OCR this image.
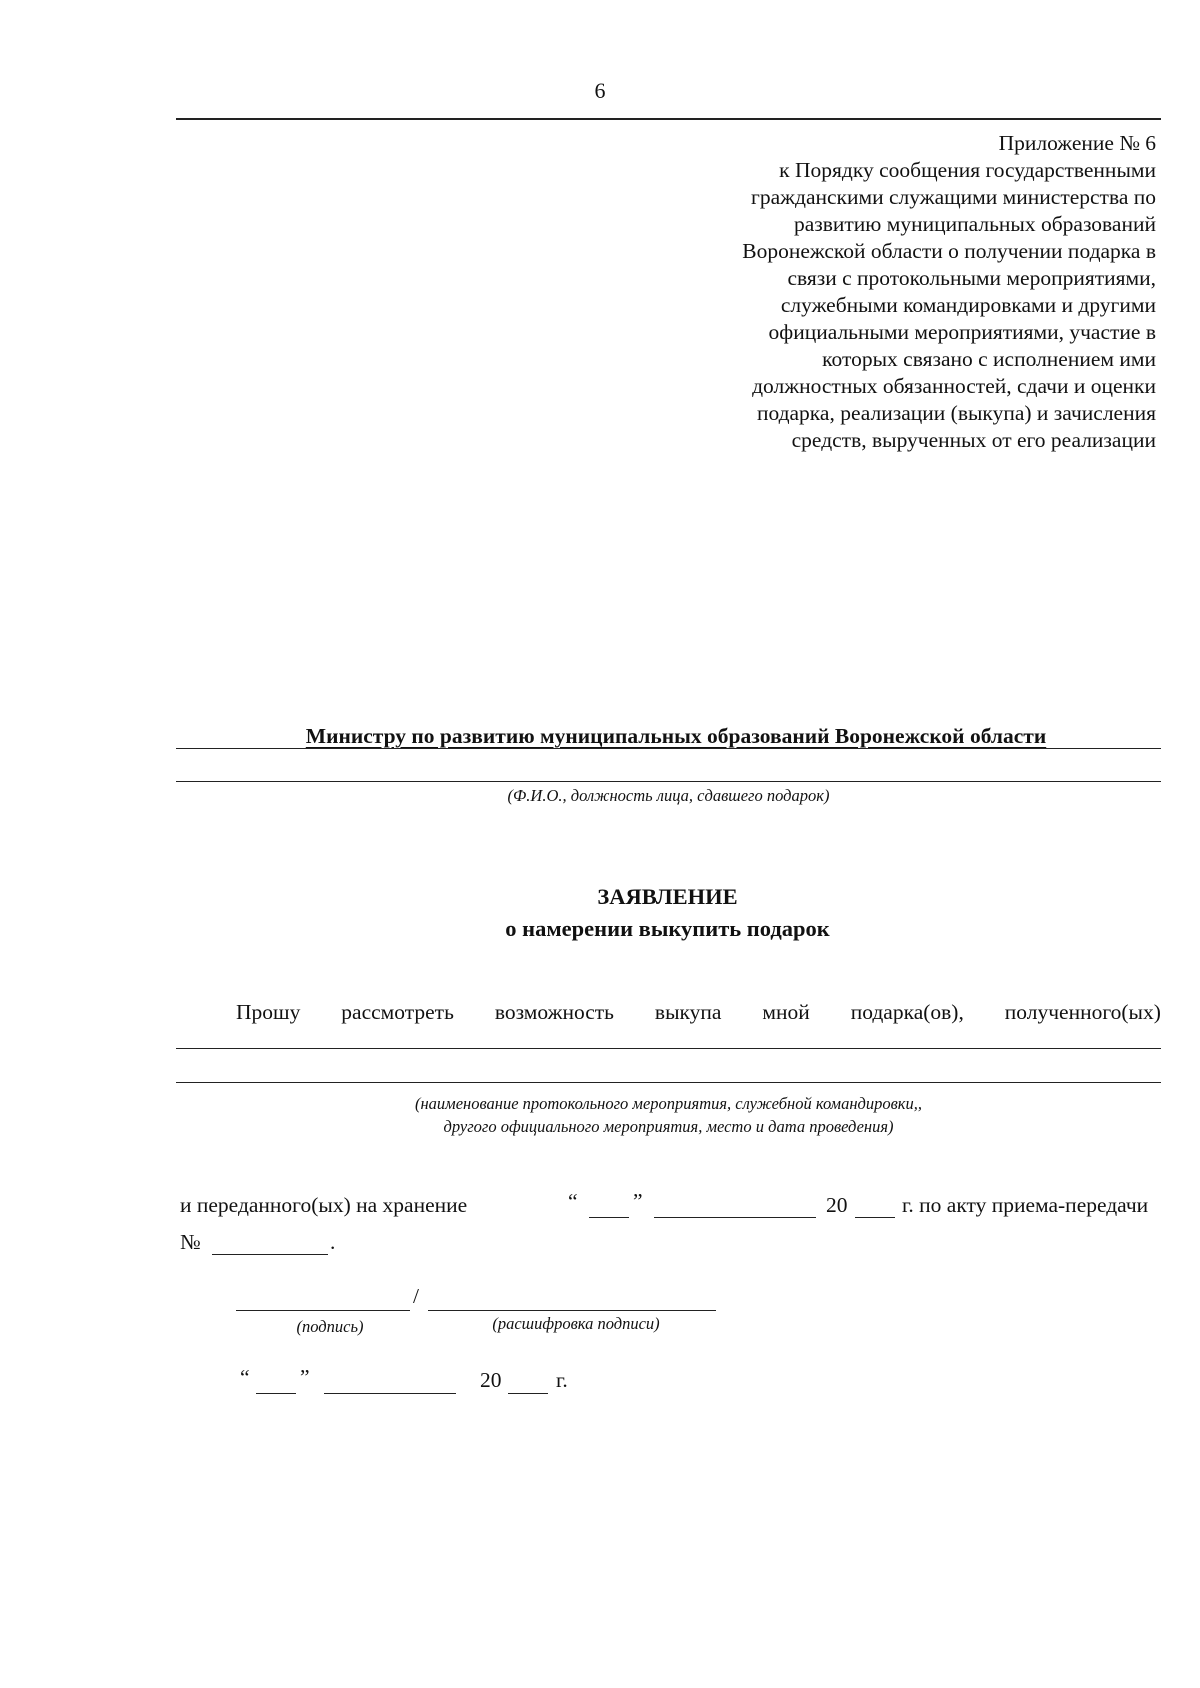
6
Приложение № 6
к Порядку сообщения государственными
гражданскими служащими министерства по
развитию муниципальных образований
Воронежской области о получении подарка в
связи с протокольными мероприятиями,
служебными командировками и другими
официальными мероприятиями, участие в
которых связано с исполнением ими
должностных обязанностей, сдачи и оценки
подарка, реализации (выкупа) и зачисления
средств, вырученных от его реализации
Министру по развитию муниципальных образований Воронежской области
(Ф.И.О., должность лица, сдавшего подарок)
ЗАЯВЛЕНИЕ
о намерении выкупить подарок
Прошу рассмотреть возможность выкупа мной подарка(ов), полученного(ых)
(наименование протокольного мероприятия, служебной командировки,,
другого официального мероприятия, место и дата проведения)
и переданного(ых) на хранение	“	”	20	г. по акту приема-передачи
№	.
/
(подпись)	(расшифровка подписи)
“ ”	20	г.
